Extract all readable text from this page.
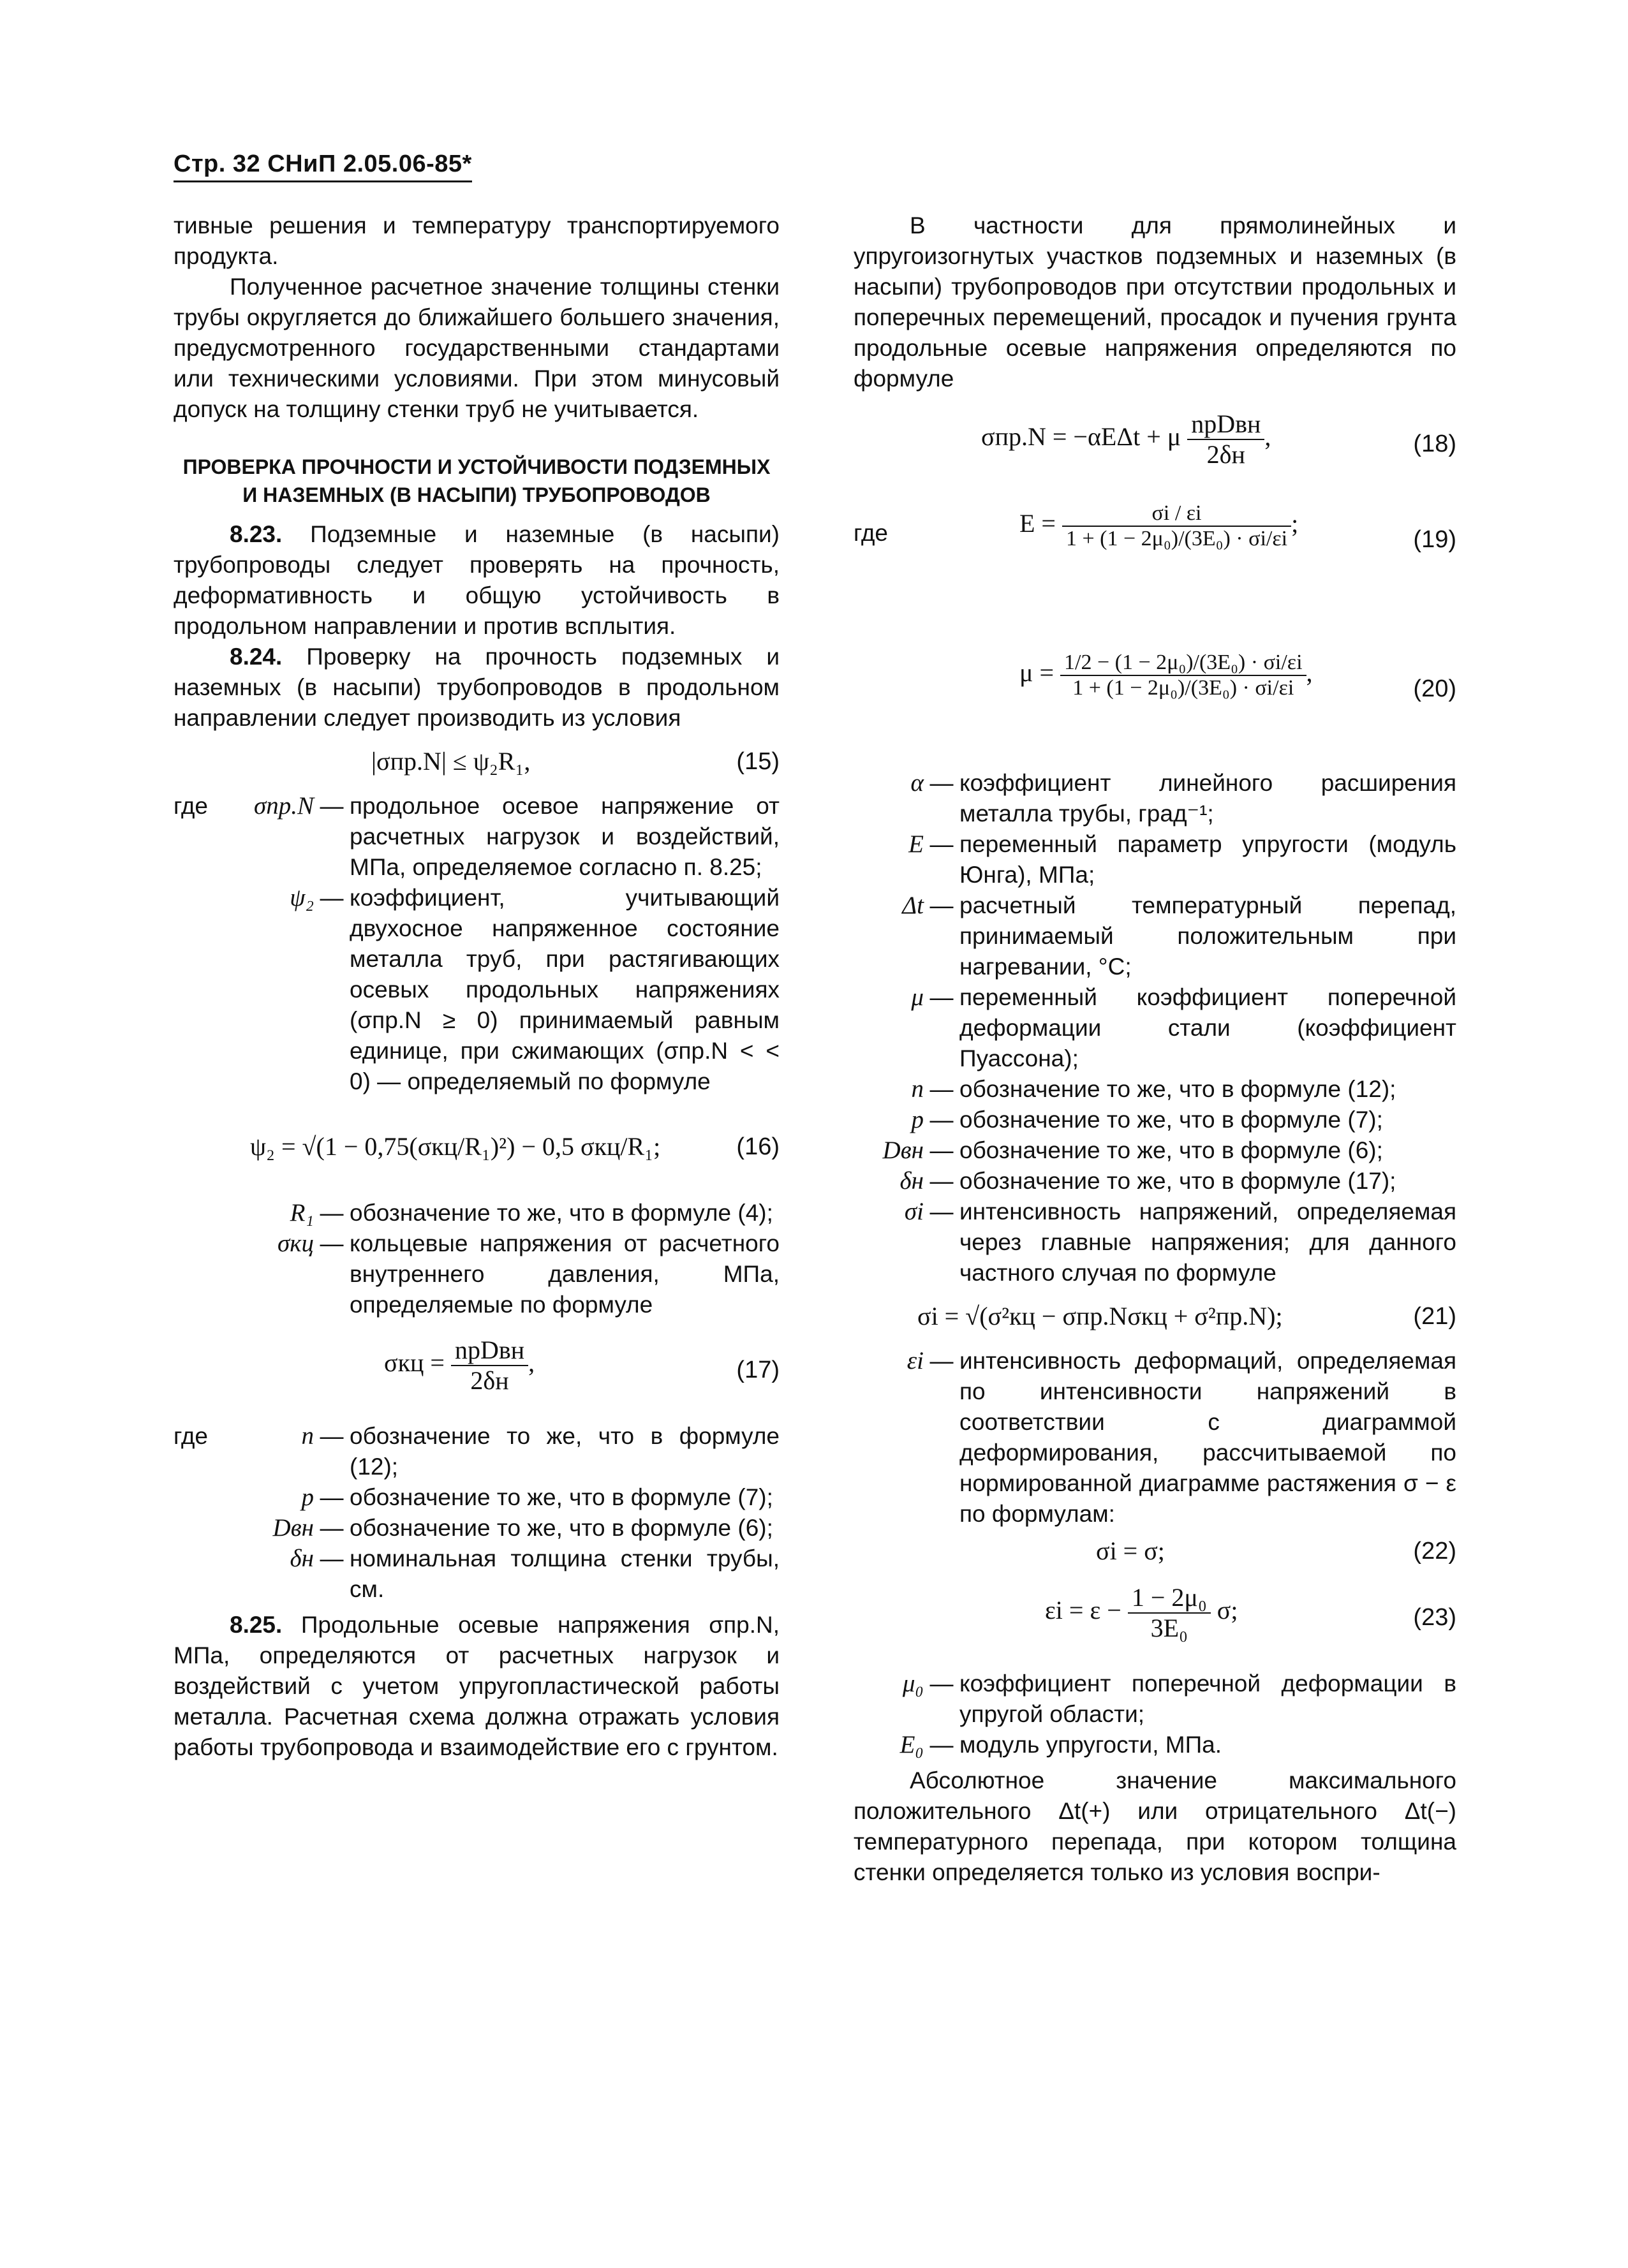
Стр. 32 СНиП 2.05.06-85*

тивные решения и температуру транспортируемого продукта.

Полученное расчетное значение толщины стенки трубы округляется до ближайшего большего значения, предусмотренного государственными стандартами или техническими условиями. При этом минусовый допуск на толщину стенки труб не учитывается.

ПРОВЕРКА ПРОЧНОСТИ И УСТОЙЧИВОСТИ ПОДЗЕМНЫХ И НАЗЕМНЫХ (В НАСЫПИ) ТРУБОПРОВОДОВ

8.23. Подземные и наземные (в насыпи) трубопроводы следует проверять на прочность, деформативность и общую устойчивость в продольном направлении и против всплытия.

8.24. Проверку на прочность подземных и наземных (в насыпи) трубопроводов в продольном направлении следует производить из условия

|σпр.N| ≤ ψ₂R₁,	(15)
где	σпр.N — продольное осевое напряжение от расчетных нагрузок и воздействий, МПа, определяемое согласно п. 8.25;
ψ₂ — коэффициент, учитывающий двухосное напряженное состояние металла труб, при растягивающих осевых продольных напряжениях (σпр.N ≥ 0) принимаемый равным единице, при сжимающих (σпр.N < < 0) — определяемый по формуле
ψ₂ = √(1 − 0,75(σкц/R₁)²) − 0,5 σкц/R₁;	(16)
R₁ — обозначение то же, что в формуле (4);
σкц — кольцевые напряжения от расчетного внутреннего давления, МПа, определяемые по формуле
$\sigma кц = \frac{\text{npDвн}}{2\delta н}$ ,	(17)
где	n — обозначение то же, что в формуле (12);
p — обозначение то же, что в формуле (7);
Dвн — обозначение то же, что в формуле (6);
δн — номинальная толщина стенки трубы, см.

8.25. Продольные осевые напряжения σпр.N, МПа, определяются от расчетных нагрузок и воздействий с учетом упругопластической работы металла. Расчетная схема должна отражать условия работы трубопровода и взаимодействие его с грунтом.

В частности для прямолинейных и упругоизогнутых участков подземных и наземных (в насыпи) трубопроводов при отсутствии продольных и поперечных перемещений, просадок и пучения грунта продольные осевые напряжения определяются по формуле

σпр.N = −αEΔt + μ $\frac{\text{npDвн}}{2\delta н}$ ,	(18)
где	$E = \frac{\sigma i / \varepsilon i}{\text{1 + (1 − 2μ₀)/(3E₀) · σi/εi}}$ ;
(19)
$\mu = \frac{\text{1/2 − (1 − 2μ₀)/(3E₀) · σi/εi}}{\text{1 + (1 − 2μ₀)/(3E₀) · σi/εi}}$ ,
(20)
α — коэффициент линейного расширения металла трубы, град⁻¹;
E — переменный параметр упругости (модуль Юнга), МПа;
Δt — расчетный температурный перепад, принимаемый положительным при нагревании, °С;
μ — переменный коэффициент поперечной деформации стали (коэффициент Пуассона);
n — обозначение то же, что в формуле (12);
p — обозначение то же, что в формуле (7);
Dвн — обозначение то же, что в формуле (6);
δн — обозначение то же, что в формуле (17);
σi — интенсивность напряжений, определяемая через главные напряжения; для данного частного случая по формуле
σi = √(σ²кц − σпр.Nσкц + σ²пр.N);	(21)
εi — интенсивность деформаций, определяемая по интенсивности напряжений в соответствии с диаграммой деформирования, рассчитываемой по нормированной диаграмме растяжения σ − ε по формулам:
σi = σ;	(22)
$\varepsilon i = \varepsilon - \frac{\text{1 − 2μ₀}}{\text{3E₀}} \sigma$;	(23)
μ₀ — коэффициент поперечной деформации в упругой области;
E₀ — модуль упругости, МПа.

Абсолютное значение максимального положительного Δt(+) или отрицательного Δt(−) температурного перепада, при котором толщина стенки определяется только из условия воспри-
